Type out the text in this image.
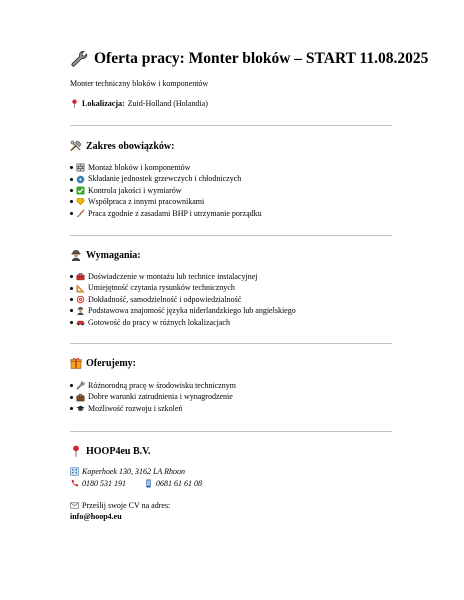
Oferta pracy: Monter bloków – START 11.08.2025
Monter techniczny bloków i komponentów
Lokalizacja: Zuid-Holland (Holandia)
Zakres obowiązków:
Montaż bloków i komponentów
Składanie jednostek grzewczych i chłodniczych
Kontrola jakości i wymiarów
Współpraca z innymi pracownikami
Praca zgodnie z zasadami BHP i utrzymanie porządku
Wymagania:
Doświadczenie w montażu lub technice instalacyjnej
Umiejętność czytania rysunków technicznych
Dokładność, samodzielność i odpowiedzialność
Podstawowa znajomość języka niderlandzkiego lub angielskiego
Gotowość do pracy w różnych lokalizacjach
Oferujemy:
Różnorodną pracę w środowisku technicznym
Dobre warunki zatrudnienia i wynagrodzenie
Możliwość rozwoju i szkoleń
HOOP4eu B.V.
Koperhoek 130, 3162 LA Rhoon
0180 531 191	0681 61 61 08
Prześlij swoje CV na adres:
info@hoop4.eu
